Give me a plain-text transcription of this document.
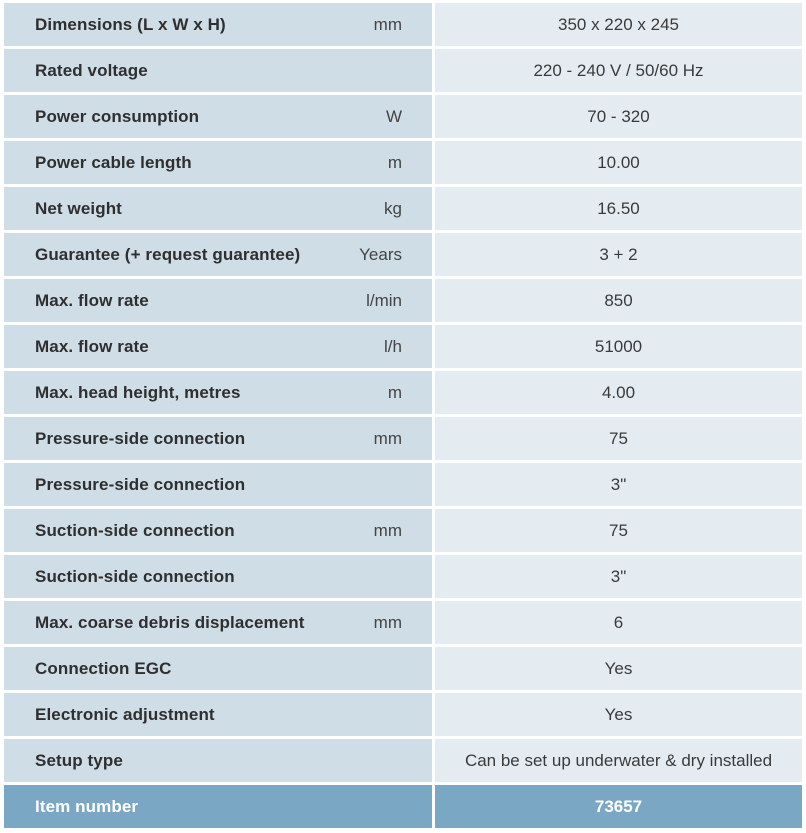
Dimensions (L x W x H)	mm	350 x 220 x 245
Rated voltage	220 - 240 V / 50/60 Hz
Power consumption	W	70 - 320
Power cable length	m	10.00
Net weight	kg	16.50
Guarantee (+ request guarantee)	Years	3 + 2
Max. flow rate	l/min	850
Max. flow rate	l/h	51000
Max. head height, metres	m	4.00
Pressure-side connection	mm	75
Pressure-side connection	3"
Suction-side connection	mm	75
Suction-side connection	3"
Max. coarse debris displacement	mm	6
Connection EGC	Yes
Electronic adjustment	Yes
Setup type	Can be set up underwater & dry installed
Item number	73657
